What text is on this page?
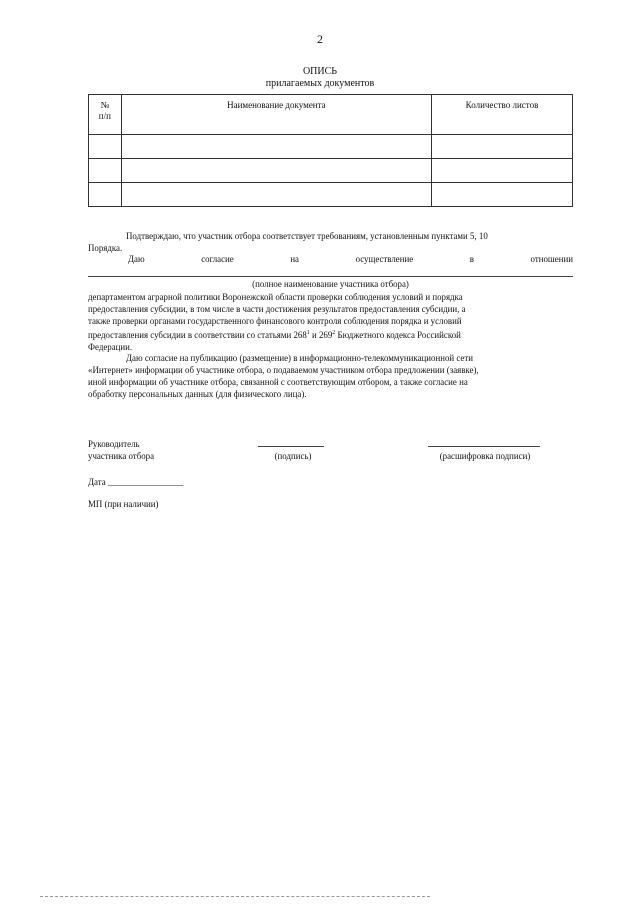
2
ОПИСЬ
прилагаемых документов
№
п/п	Наименование документа	Количество листов

Подтверждаю, что участник отбора соответствует требованиям, установленным пунктами 5, 10
Порядка.
Даю	согласие	на	осуществление	в	отношении
(полное наименование участника отбора)
департаментом аграрной политики Воронежской области проверки соблюдения условий и порядка
предоставления субсидии, в том числе в части достижения результатов предоставления субсидии, а
также проверки органами государственного финансового контроля соблюдения порядка и условий
предоставления субсидии в соответствии со статьями $268^1$ и $269^2$ Бюджетного кодекса Российской
Федерации.
Даю согласие на публикацию (размещение) в информационно-телекоммуникационной сети
«Интернет» информации об участнике отбора, о подаваемом участником отбора предложении (заявке),
иной информации об участнике отбора, связанной с соответствующим отбором, а также согласие на
обработку персональных данных (для физического лица).
Руководитель
участника отбора	(подпись)	(расшифровка подписи)
Дата _________________
МП (при наличии)
